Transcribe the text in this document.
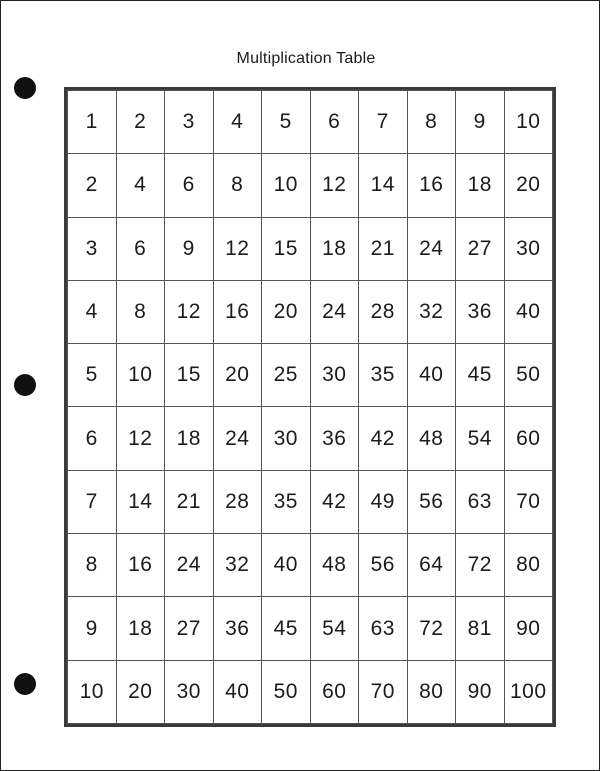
Multiplication Table
1	2	3	4	5	6	7	8	9	10
2	4	6	8	10	12	14	16	18	20
3	6	9	12	15	18	21	24	27	30
4	8	12	16	20	24	28	32	36	40
5	10	15	20	25	30	35	40	45	50
6	12	18	24	30	36	42	48	54	60
7	14	21	28	35	42	49	56	63	70
8	16	24	32	40	48	56	64	72	80
9	18	27	36	45	54	63	72	81	90
10	20	30	40	50	60	70	80	90	100
